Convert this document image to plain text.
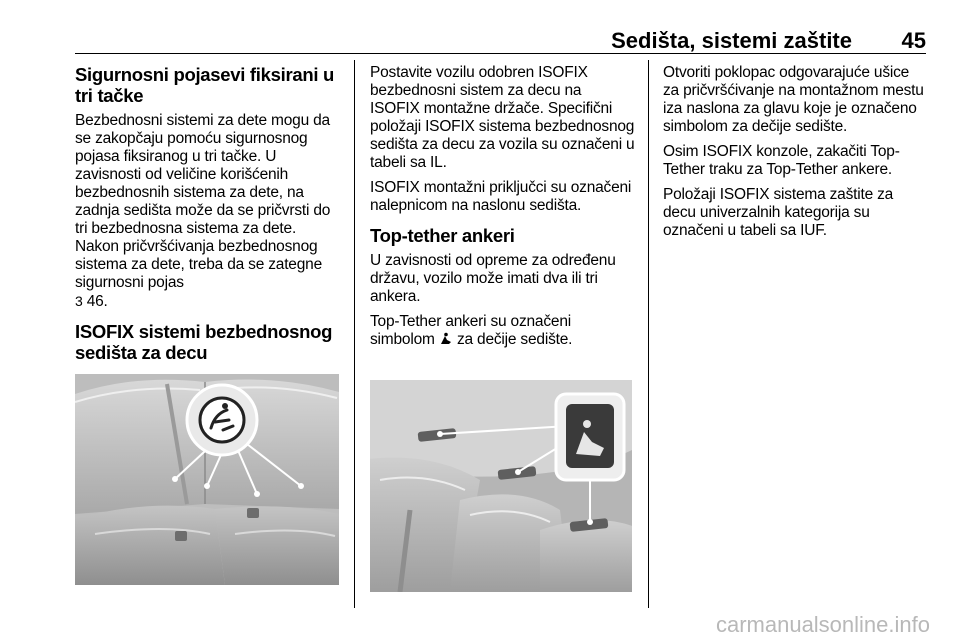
Sedišta, sistemi zaštite 45
Sigurnosni pojasevi fiksirani u tri tačke

Bezbednosni sistemi za dete mogu da se zakopčaju pomoću sigurnosnog pojasa fiksiranog u tri tačke. U zavisnosti od veličine korišćenih bezbednosnih sistema za dete, na zadnja sedišta može da se pričvrsti do tri bezbednosna sistema za dete. Nakon pričvršćivanja bezbednosnog sistema za dete, treba da se zategne sigurnosni pojas
3 46.

ISOFIX sistemi bezbednosnog sedišta za decu

Postavite vozilu odobren ISOFIX bezbednosni sistem za decu na ISOFIX montažne držače. Specifični položaji ISOFIX sistema bezbednosnog sedišta za decu za vozila su označeni u tabeli sa IL.

ISOFIX montažni priključci su označeni nalepnicom na naslonu sedišta.

Top-tether ankeri

U zavisnosti od opreme za određenu državu, vozilo može imati dva ili tri ankera.

Top-Tether ankeri su označeni simbolom za dečije sedište.

Otvoriti poklopac odgovarajuće ušice za pričvršćivanje na montažnom mestu iza naslona za glavu koje je označeno simbolom za dečije sedište.

Osim ISOFIX konzole, zakačiti Top-Tether traku za Top-Tether ankere.

Položaji ISOFIX sistema zaštite za decu univerzalnih kategorija su označeni u tabeli sa IUF.

carmanualsonline.info
